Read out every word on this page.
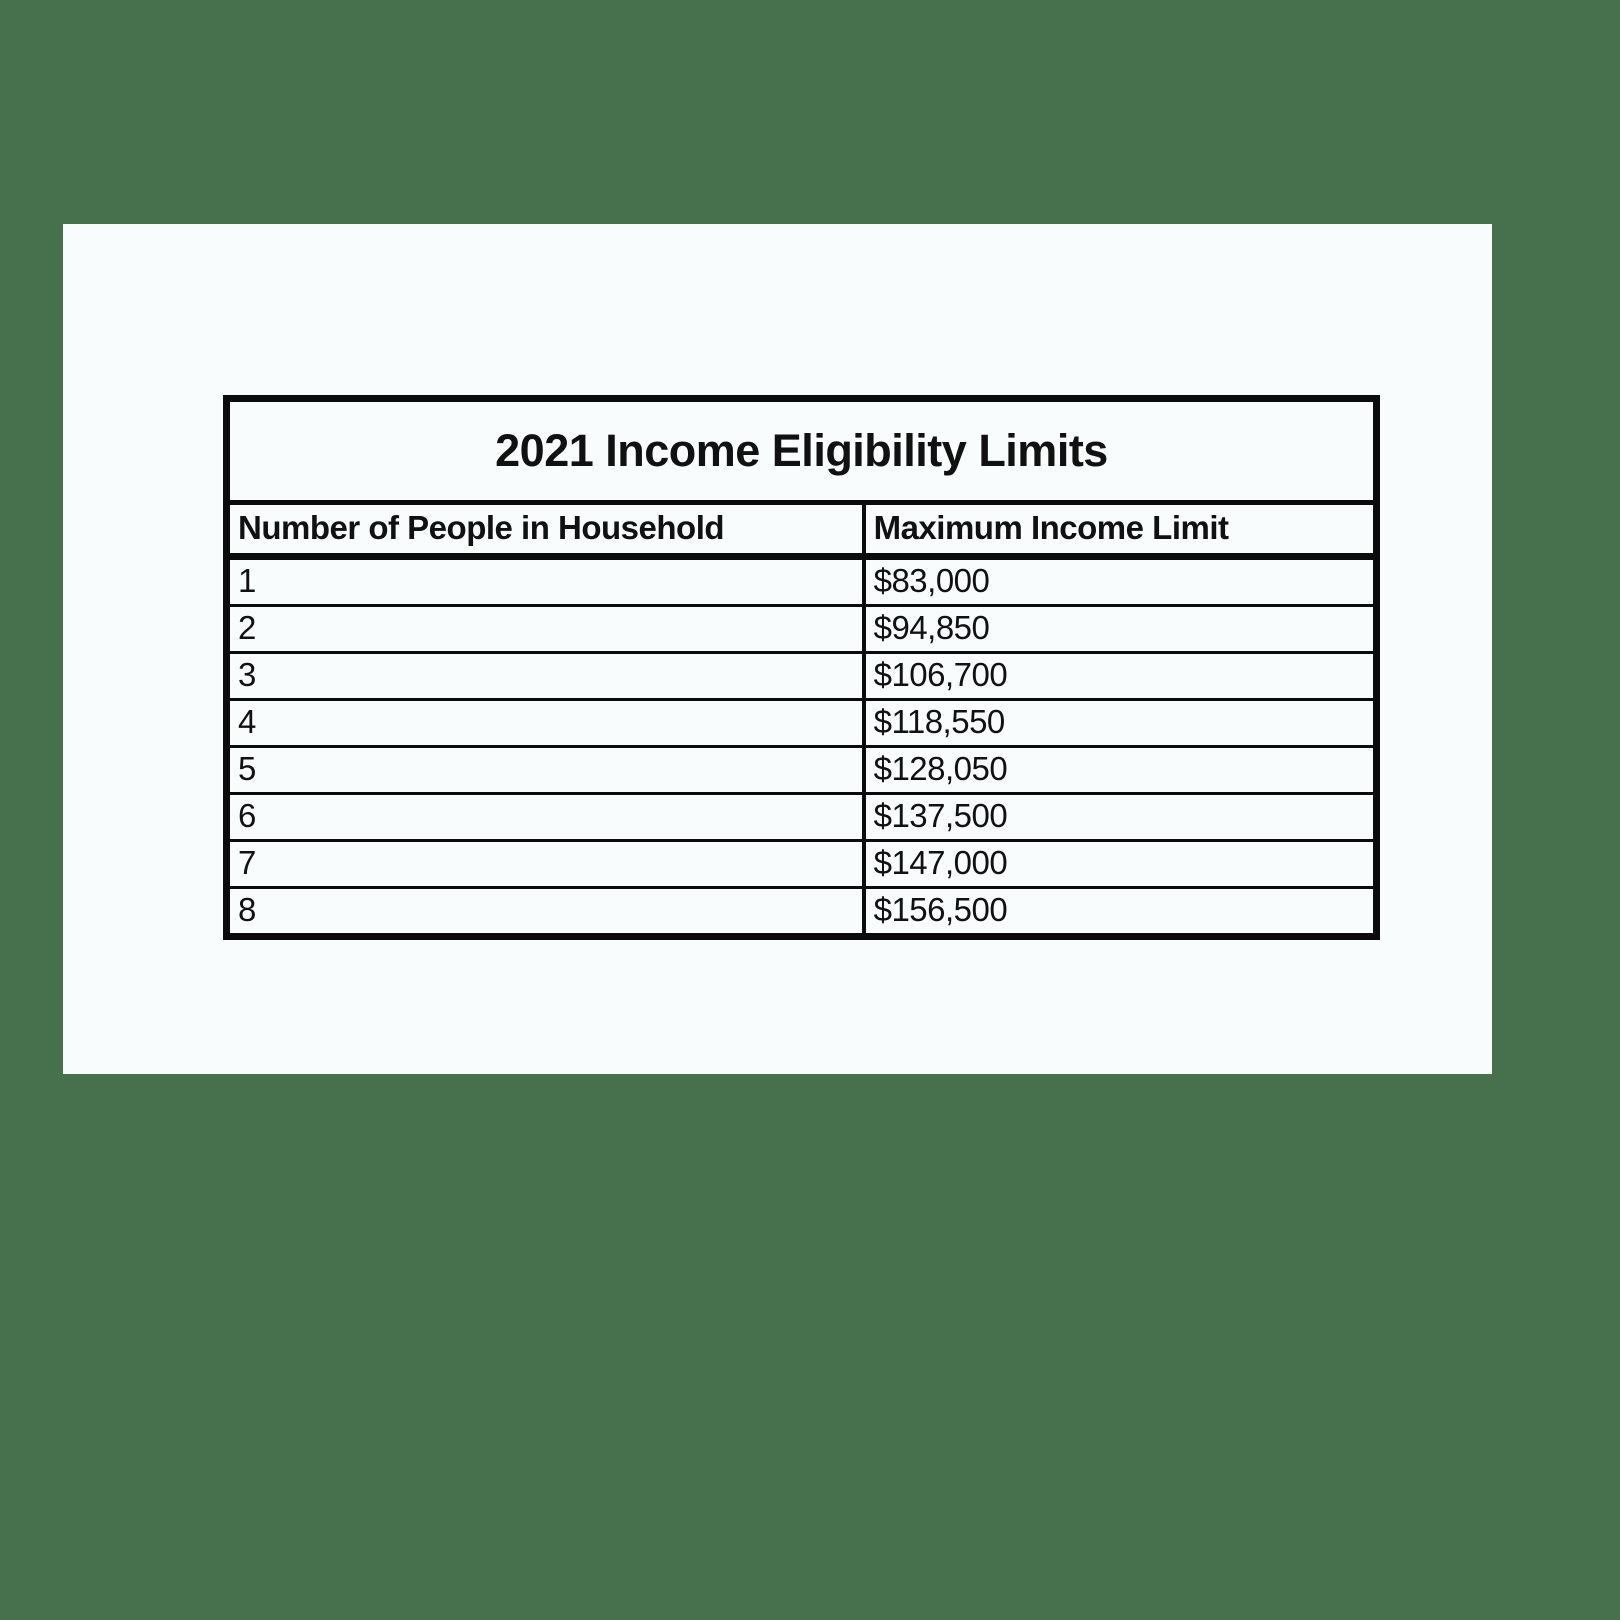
2021 Income Eligibility Limits	
Number of People in Household	Maximum Income Limit
1	$83,000
2	$94,850
3	$106,700
4	$118,550
5	$128,050
6	$137,500
7	$147,000
8	$156,500
